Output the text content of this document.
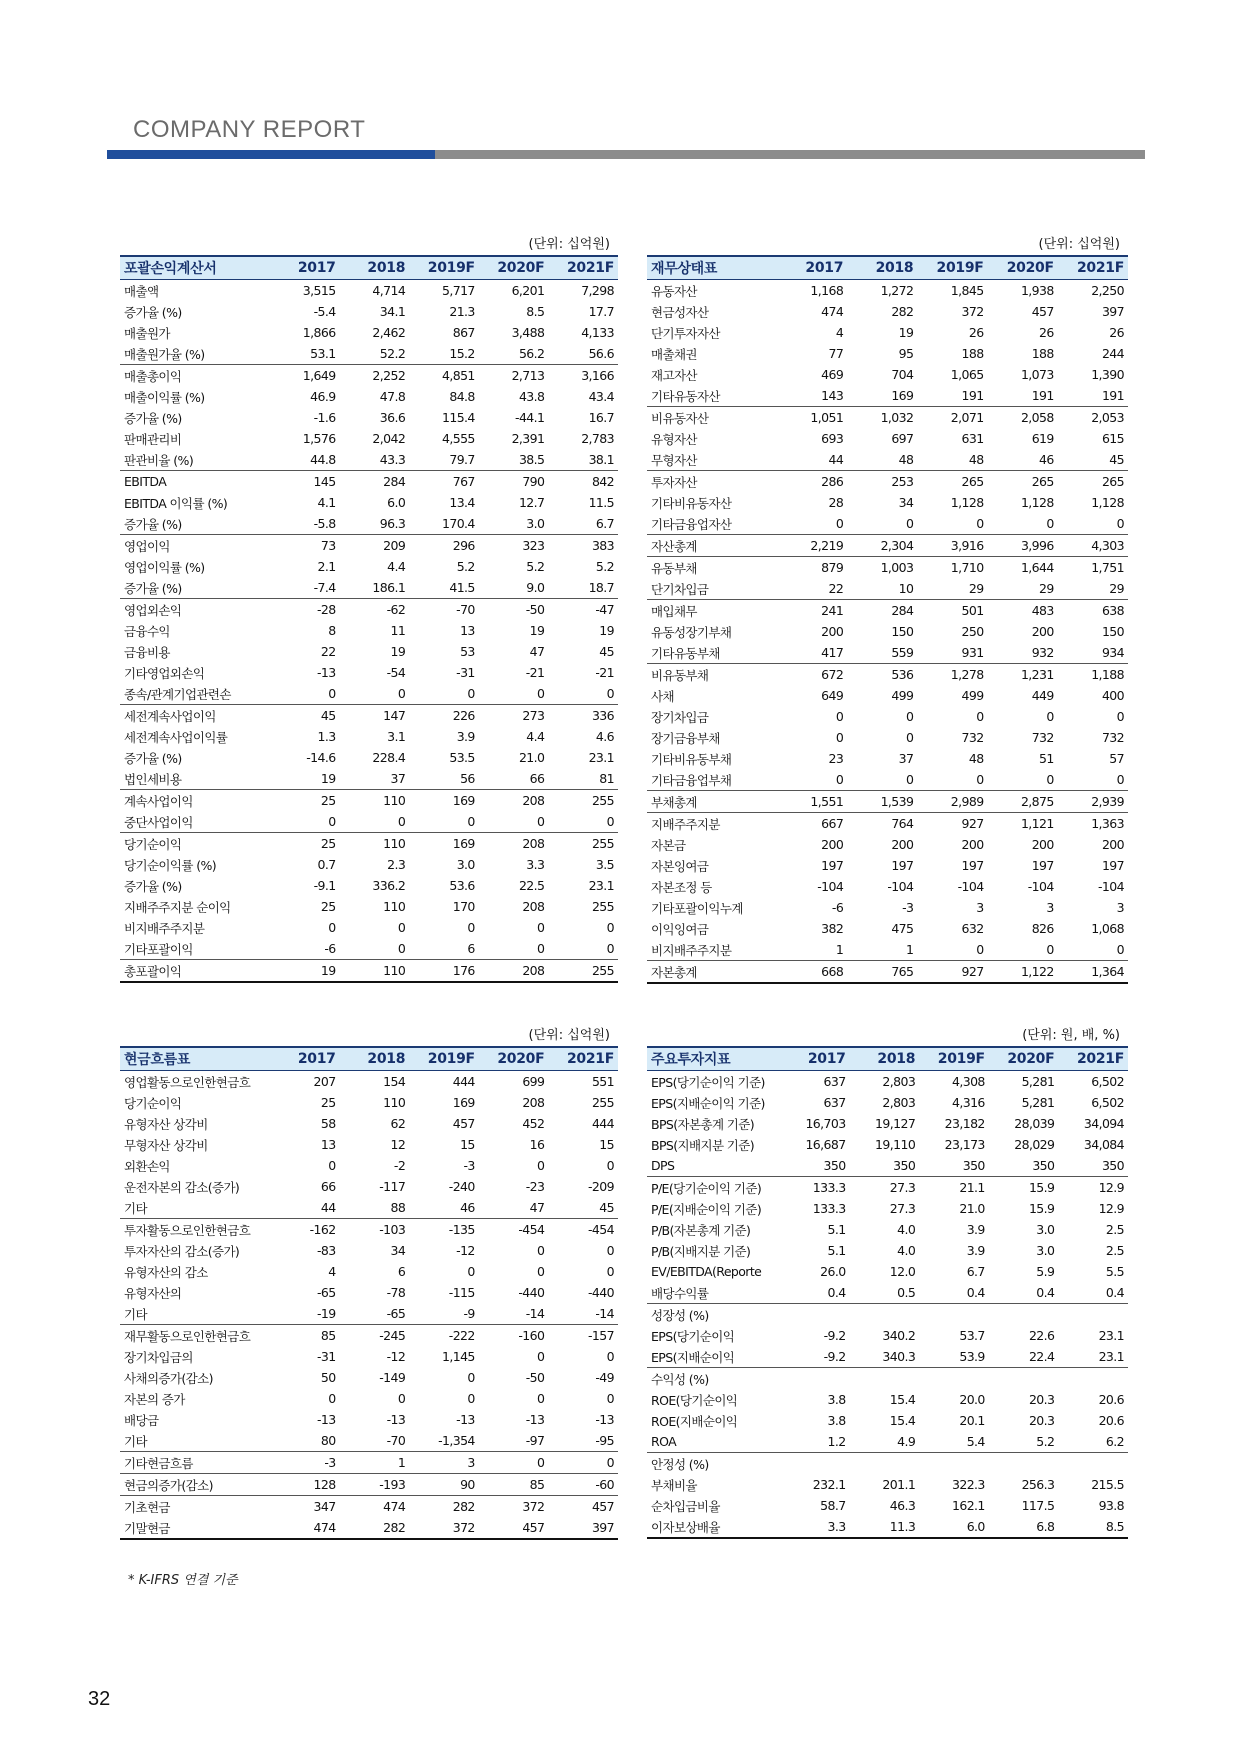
COMPANY REPORT
(단위: 십억원)
포괄손익계산서	2017	2018	2019F	2020F	2021F
매출액	3,515	4,714	5,717	6,201	7,298
증가율 (%)	-5.4	34.1	21.3	8.5	17.7
매출원가	1,866	2,462	867	3,488	4,133
매출원가율 (%)	53.1	52.2	15.2	56.2	56.6
매출총이익	1,649	2,252	4,851	2,713	3,166
매출이익률 (%)	46.9	47.8	84.8	43.8	43.4
증가율 (%)	-1.6	36.6	115.4	-44.1	16.7
판매관리비	1,576	2,042	4,555	2,391	2,783
판관비율 (%)	44.8	43.3	79.7	38.5	38.1
EBITDA	145	284	767	790	842
EBITDA 이익률 (%)	4.1	6.0	13.4	12.7	11.5
증가율 (%)	-5.8	96.3	170.4	3.0	6.7
영업이익	73	209	296	323	383
영업이익률 (%)	2.1	4.4	5.2	5.2	5.2
증가율 (%)	-7.4	186.1	41.5	9.0	18.7
영업외손익	-28	-62	-70	-50	-47
금융수익	8	11	13	19	19
금융비용	22	19	53	47	45
기타영업외손익	-13	-54	-31	-21	-21
종속/관계기업관련손	0	0	0	0	0
세전계속사업이익	45	147	226	273	336
세전계속사업이익률	1.3	3.1	3.9	4.4	4.6
증가율 (%)	-14.6	228.4	53.5	21.0	23.1
법인세비용	19	37	56	66	81
계속사업이익	25	110	169	208	255
중단사업이익	0	0	0	0	0
당기순이익	25	110	169	208	255
당기순이익률 (%)	0.7	2.3	3.0	3.3	3.5
증가율 (%)	-9.1	336.2	53.6	22.5	23.1
지배주주지분 순이익	25	110	170	208	255
비지배주주지분	0	0	0	0	0
기타포괄이익	-6	0	6	0	0
총포괄이익	19	110	176	208	255
(단위: 십억원)
재무상태표	2017	2018	2019F	2020F	2021F
유동자산	1,168	1,272	1,845	1,938	2,250
현금성자산	474	282	372	457	397
단기투자자산	4	19	26	26	26
매출채권	77	95	188	188	244
재고자산	469	704	1,065	1,073	1,390
기타유동자산	143	169	191	191	191
비유동자산	1,051	1,032	2,071	2,058	2,053
유형자산	693	697	631	619	615
무형자산	44	48	48	46	45
투자자산	286	253	265	265	265
기타비유동자산	28	34	1,128	1,128	1,128
기타금융업자산	0	0	0	0	0
자산총계	2,219	2,304	3,916	3,996	4,303
유동부채	879	1,003	1,710	1,644	1,751
단기차입금	22	10	29	29	29
매입채무	241	284	501	483	638
유동성장기부채	200	150	250	200	150
기타유동부채	417	559	931	932	934
비유동부채	672	536	1,278	1,231	1,188
사채	649	499	499	449	400
장기차입금	0	0	0	0	0
장기금융부채	0	0	732	732	732
기타비유동부채	23	37	48	51	57
기타금융업부채	0	0	0	0	0
부채총계	1,551	1,539	2,989	2,875	2,939
지배주주지분	667	764	927	1,121	1,363
자본금	200	200	200	200	200
자본잉여금	197	197	197	197	197
자본조정 등	-104	-104	-104	-104	-104
기타포괄이익누계	-6	-3	3	3	3
이익잉여금	382	475	632	826	1,068
비지배주주지분	1	1	0	0	0
자본총계	668	765	927	1,122	1,364
(단위: 십억원)
현금흐름표	2017	2018	2019F	2020F	2021F
영업활동으로인한현금흐	207	154	444	699	551
당기순이익	25	110	169	208	255
유형자산 상각비	58	62	457	452	444
무형자산 상각비	13	12	15	16	15
외환손익	0	-2	-3	0	0
운전자본의 감소(증가)	66	-117	-240	-23	-209
기타	44	88	46	47	45
투자활동으로인한현금흐	-162	-103	-135	-454	-454
투자자산의 감소(증가)	-83	34	-12	0	0
유형자산의 감소	4	6	0	0	0
유형자산의	-65	-78	-115	-440	-440
기타	-19	-65	-9	-14	-14
재무활동으로인한현금흐	85	-245	-222	-160	-157
장기차입금의	-31	-12	1,145	0	0
사채의증가(감소)	50	-149	0	-50	-49
자본의 증가	0	0	0	0	0
배당금	-13	-13	-13	-13	-13
기타	80	-70	-1,354	-97	-95
기타현금흐름	-3	1	3	0	0
현금의증가(감소)	128	-193	90	85	-60
기초현금	347	474	282	372	457
기말현금	474	282	372	457	397
(단위: 원, 배, %)
주요투자지표	2017	2018	2019F	2020F	2021F
EPS(당기순이익 기준)	637	2,803	4,308	5,281	6,502
EPS(지배순이익 기준)	637	2,803	4,316	5,281	6,502
BPS(자본총계 기준)	16,703	19,127	23,182	28,039	34,094
BPS(지배지분 기준)	16,687	19,110	23,173	28,029	34,084
DPS	350	350	350	350	350
P/E(당기순이익 기준)	133.3	27.3	21.1	15.9	12.9
P/E(지배순이익 기준)	133.3	27.3	21.0	15.9	12.9
P/B(자본총계 기준)	5.1	4.0	3.9	3.0	2.5
P/B(지배지분 기준)	5.1	4.0	3.9	3.0	2.5
EV/EBITDA(Reporte	26.0	12.0	6.7	5.9	5.5
배당수익률	0.4	0.5	0.4	0.4	0.4
성장성 (%)					
EPS(당기순이익	-9.2	340.2	53.7	22.6	23.1
EPS(지배순이익	-9.2	340.3	53.9	22.4	23.1
수익성 (%)					
ROE(당기순이익	3.8	15.4	20.0	20.3	20.6
ROE(지배순이익	3.8	15.4	20.1	20.3	20.6
ROA	1.2	4.9	5.4	5.2	6.2
안정성 (%)					
부채비율	232.1	201.1	322.3	256.3	215.5
순차입금비율	58.7	46.3	162.1	117.5	93.8
이자보상배율	3.3	11.3	6.0	6.8	8.5
* K-IFRS 연결 기준
32
